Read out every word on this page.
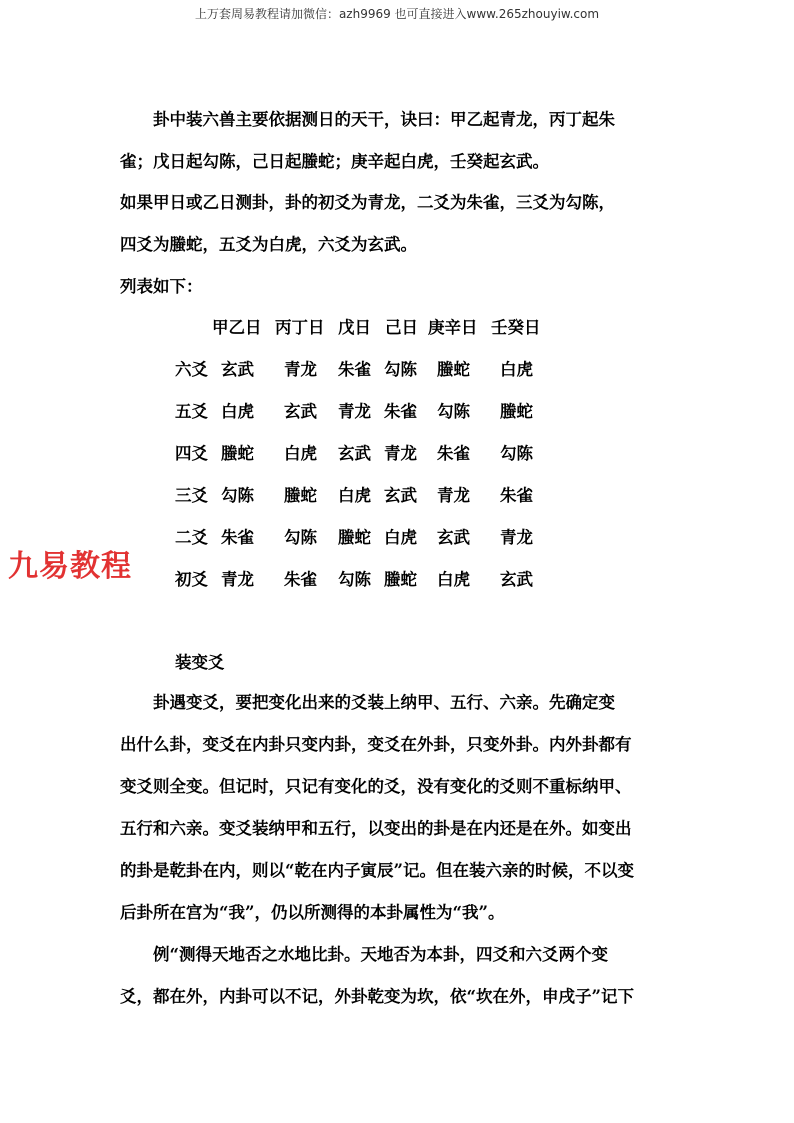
上万套周易教程请加微信：azh9969 也可直接进入www.265zhouyiw.com
九易教程
　　卦中装六兽主要依据测日的天干，诀曰：甲乙起青龙，丙丁起朱
雀；戊日起勾陈，己日起螣蛇；庚辛起白虎，壬癸起玄武。
如果甲日或乙日测卦，卦的初爻为青龙，二爻为朱雀，三爻为勾陈，
四爻为螣蛇，五爻为白虎，六爻为玄武。
列表如下：
甲乙日 丙丁日 戊日 己日 庚辛日 壬癸日
六爻 玄武 青龙 朱雀 勾陈 螣蛇 白虎
五爻 白虎 玄武 青龙 朱雀 勾陈 螣蛇
四爻 螣蛇 白虎 玄武 青龙 朱雀 勾陈
三爻 勾陈 螣蛇 白虎 玄武 青龙 朱雀
二爻 朱雀 勾陈 螣蛇 白虎 玄武 青龙
初爻 青龙 朱雀 勾陈 螣蛇 白虎 玄武
装变爻
　　卦遇变爻，要把变化出来的爻装上纳甲、五行、六亲。先确定变
出什么卦，变爻在内卦只变内卦，变爻在外卦，只变外卦。内外卦都有
变爻则全变。但记时，只记有变化的爻，没有变化的爻则不重标纳甲、
五行和六亲。变爻装纳甲和五行，以变出的卦是在内还是在外。如变出
的卦是乾卦在内，则以“乾在内子寅辰”记。但在装六亲的时候，不以变
后卦所在宫为“我”，仍以所测得的本卦属性为“我”。
　　例“测得天地否之水地比卦。天地否为本卦，四爻和六爻两个变
爻，都在外，内卦可以不记，外卦乾变为坎，依“坎在外，申戌子”记下
